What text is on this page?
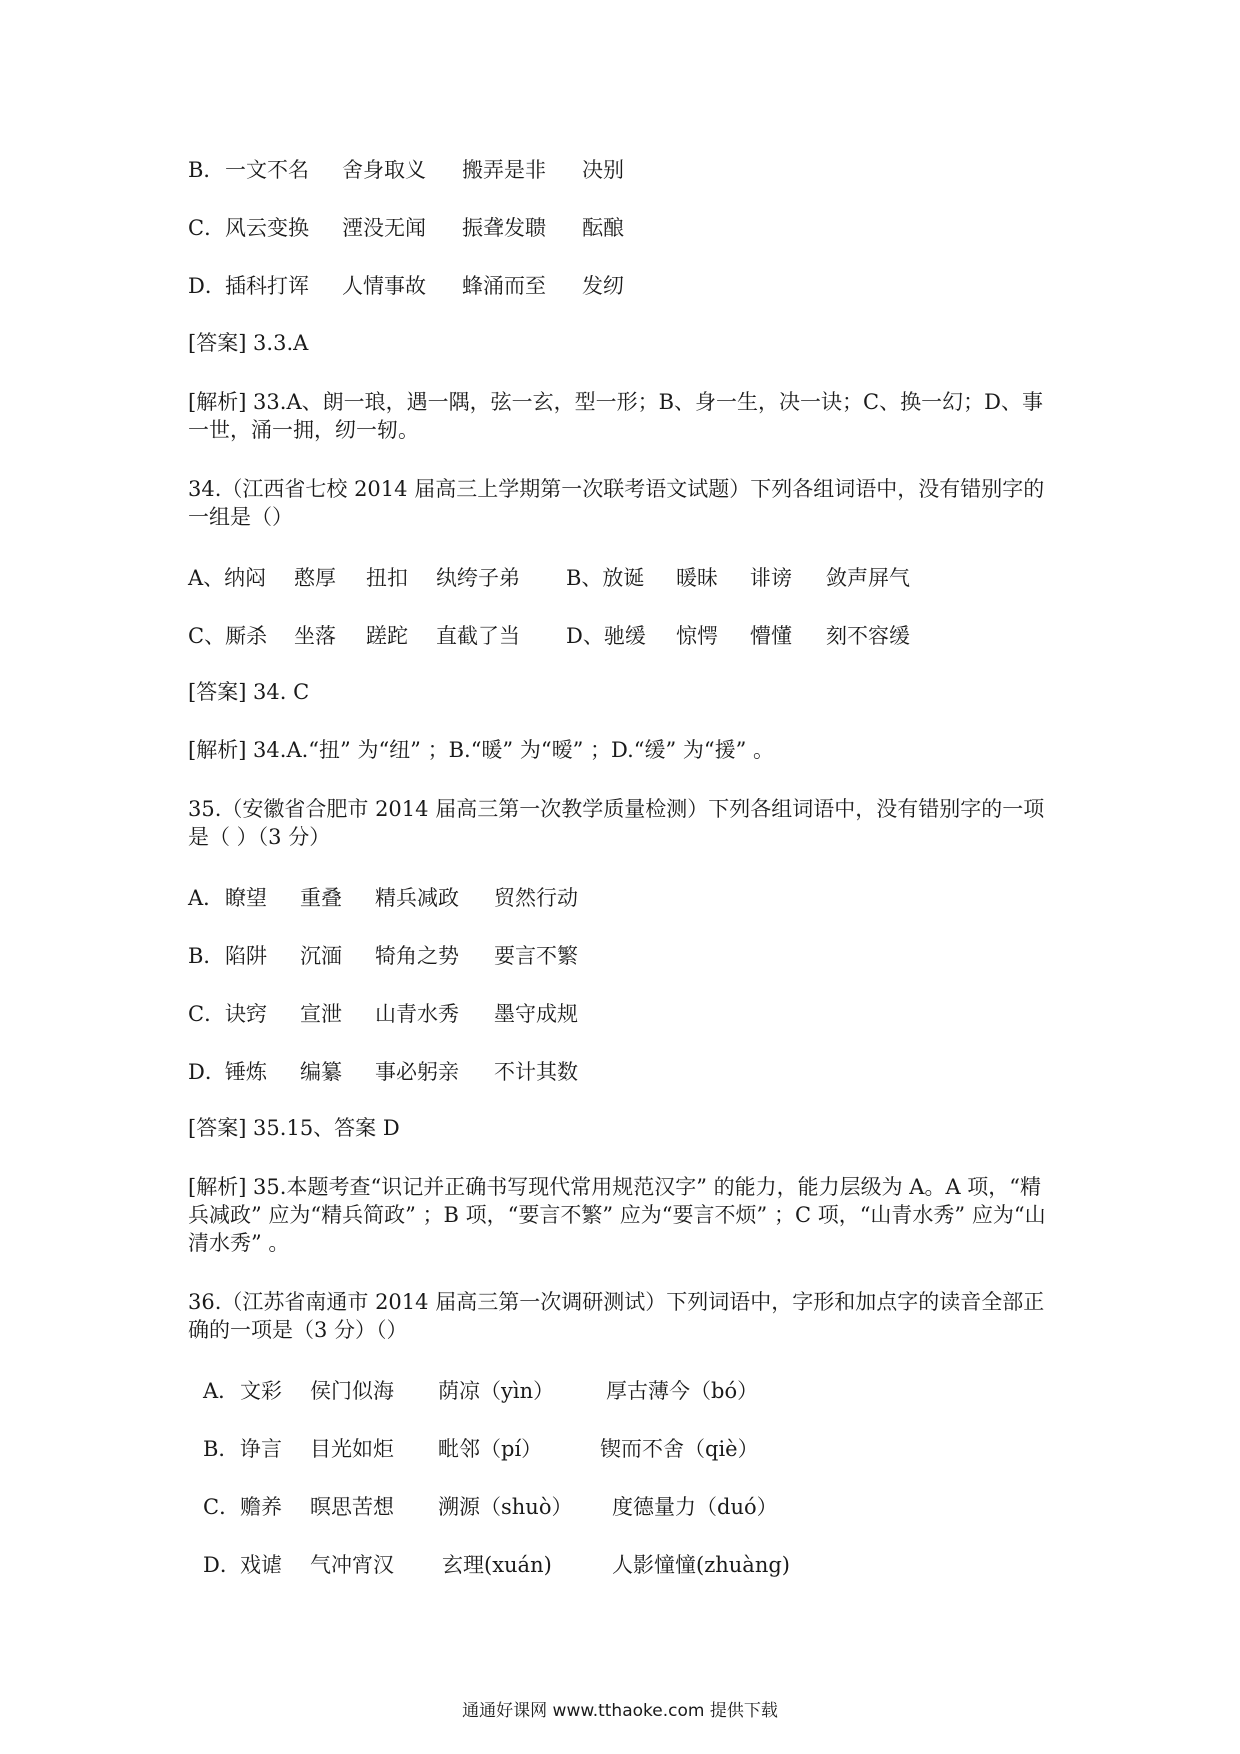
B． 一文不名 舍身取义 搬弄是非 决别
C． 风云变换 湮没无闻 振聋发聩 酝酿
D． 插科打诨 人情事故 蜂涌而至 发纫
[答案] 3.3.A
[解析] 33.A、朗一琅，遇一隅，弦一玄，型一形；B、身一生，决一诀；C、换一幻；D、事
一世，涌一拥，纫一轫。
34.（江西省七校 2014 届高三上学期第一次联考语文试题）下列各组词语中，没有错别字的
一组是（）
A、纳闷 憨厚 扭扣 纨绔子弟 B、放诞 暖昧 诽谤 敛声屏气
C、厮杀 坐落 蹉跎 直截了当 D、驰缓 惊愕 懵懂 刻不容缓
[答案] 34. C
[解析] 34.A.“扭” 为“纽” ；B.“暖” 为“暧” ；D.“缓” 为“援” 。
35.（安徽省合肥市 2014 届高三第一次教学质量检测）下列各组词语中，没有错别字的一项
是（ ）（3 分）
A． 瞭望 重叠 精兵减政 贸然行动
B． 陷阱 沉湎 犄角之势 要言不繁
C． 诀窍 宣泄 山青水秀 墨守成规
D． 锤炼 编纂 事必躬亲 不计其数
[答案] 35.15、答案 D
[解析] 35.本题考查“识记并正确书写现代常用规范汉字” 的能力，能力层级为 A。A 项，“精
兵减政” 应为“精兵简政” ；B 项，“要言不繁” 应为“要言不烦” ；C 项，“山青水秀” 应为“山
清水秀” 。
36.（江苏省南通市 2014 届高三第一次调研测试）下列词语中，字形和加点字的读音全部正
确的一项是（3 分）（）
A． 文彩 侯门似海 荫凉（yìn） 厚古薄今（bó）
B． 诤言 目光如炬 毗邻（pí）	锲而不舍（qiè）
C． 赡养 暝思苦想 溯源（shuò） 度德量力（duó）
D． 戏谑 气冲宵汉 玄理(xuán)	人影憧憧(zhuàng)
通通好课网 www.tthaoke.com 提供下载
